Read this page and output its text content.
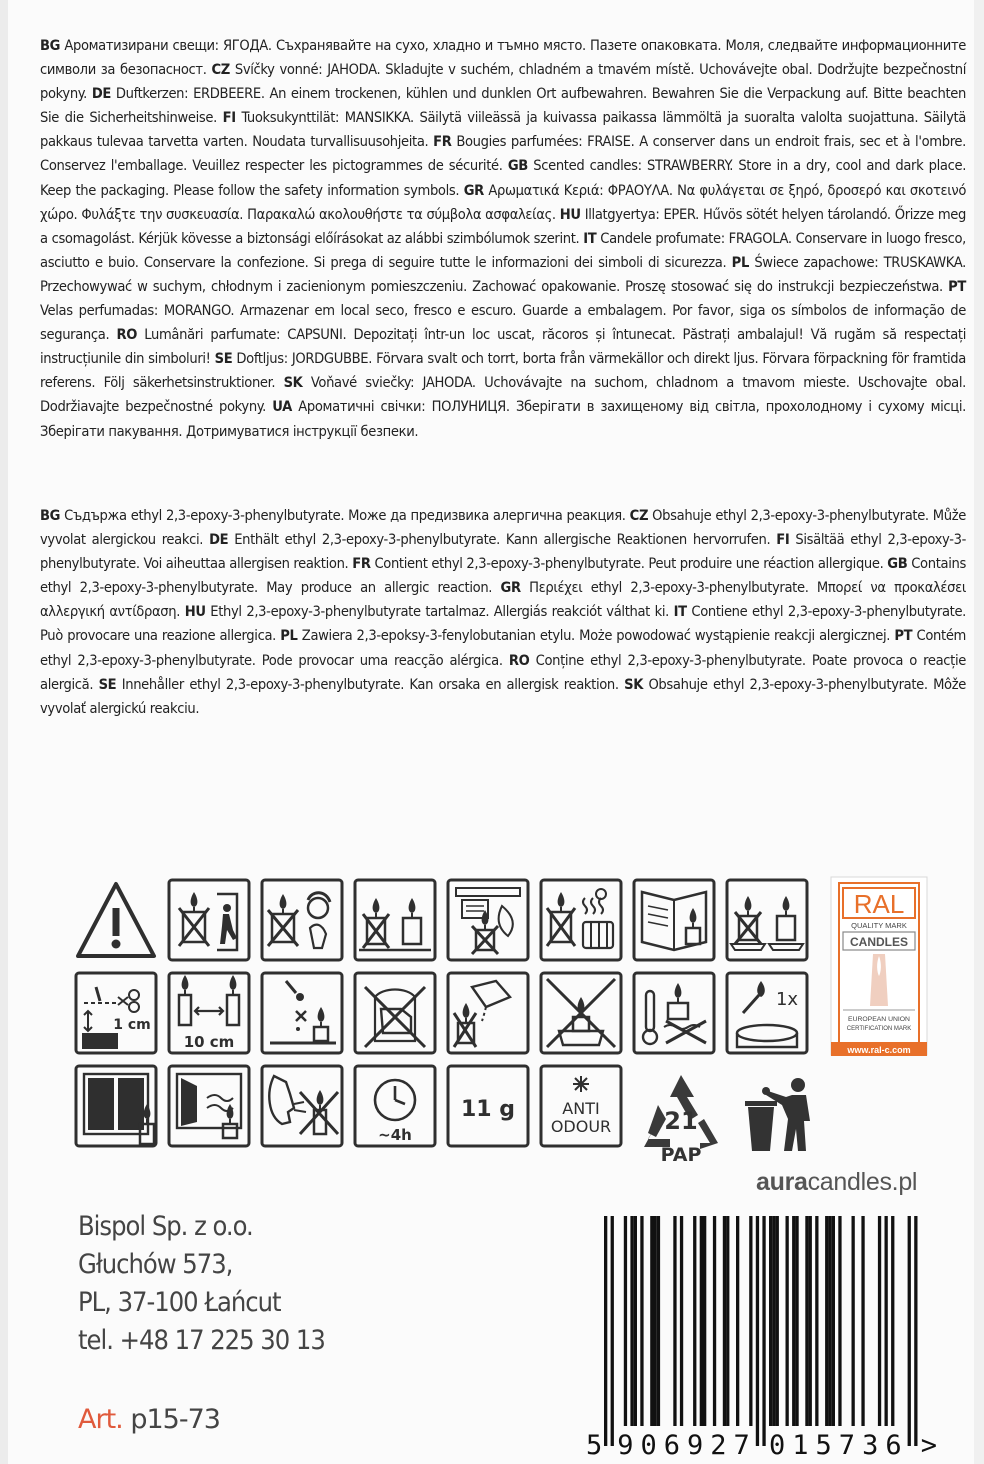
BG Ароматизирани свещи: ЯГОДА. Съхранявайте на сухо, хладно и тъмно място. Пазете опаковката. Моля, следвайте информационните символи за безопасност. CZ Svíčky vonné: JAHODA. Skladujte v suchém, chladném a tmavém místě. Uchovávejte obal. Dodržujte bezpečnostní pokyny. DE Duftkerzen: ERDBEERE. An einem trockenen, kühlen und dunklen Ort aufbewahren. Bewahren Sie die Verpackung auf. Bitte beachten Sie die Sicherheitshinweise. FI Tuoksukynttilät: MANSIKKA. Säilytä viileässä ja kuivassa paikassa lämmöltä ja suoralta valolta suojattuna. Säilytä pakkaus tulevaa tarvetta varten. Noudata turvallisuusohjeita. FR Bougies parfumées: FRAISE. A conserver dans un endroit frais, sec et à l'ombre. Conservez l'emballage. Veuillez respecter les pictogrammes de sécurité. GB Scented candles: STRAWBERRY. Store in a dry, cool and dark place. Keep the packaging. Please follow the safety information symbols. GR Αρωματικά Κεριά: ΦΡΑΟΥΛΑ. Να φυλάγεται σε ξηρό, δροσερό και σκοτεινό χώρο. Φυλάξτε την συσκευασία. Παρακαλώ ακολουθήστε τα σύμβολα ασφαλείας. HU Illatgyertya: EPER. Hűvös sötét helyen tárolandó. Őrizze meg a csomagolást. Kérjük kövesse a biztonsági előírásokat az alábbi szimbólumok szerint. IT Candele profumate: FRAGOLA. Conservare in luogo fresco, asciutto e buio. Conservare la confezione. Si prega di seguire tutte le informazioni dei simboli di sicurezza. PL Świece zapachowe: TRUSKAWKA. Przechowywać w suchym, chłodnym i zacienionym pomieszczeniu. Zachować opakowanie. Proszę stosować się do instrukcji bezpieczeństwa. PT Velas perfumadas: MORANGO. Armazenar em local seco, fresco e escuro. Guarde a embalagem. Por favor, siga os símbolos de informação de segurança. RO Lumânări parfumate: CAPSUNI. Depozitați într-un loc uscat, răcoros și întunecat. Păstrați ambalajul! Vă rugăm să respectați instrucțiunile din simboluri! SE Doftljus: JORDGUBBE. Förvara svalt och torrt, borta från värmekällor och direkt ljus. Förvara förpackning för framtida referens. Följ säkerhetsinstruktioner. SK Voňavé sviečky: JAHODA. Uchovávajte na suchom, chladnom a tmavom mieste. Uschovajte obal. Dodržiavajte bezpečnostné pokyny. UA Ароматичні свічки: ПОЛУНИЦЯ. Зберігати в захищеному від світла, прохолодному і сухому місці. Зберігати пакування. Дотримуватися інструкції безпеки.
BG Съдържа ethyl 2,3-epoxy-3-phenylbutyrate. Може да предизвика алергична реакция. CZ Obsahuje ethyl 2,3-epoxy-3-phenylbutyrate. Může vyvolat alergickou reakci. DE Enthält ethyl 2,3-epoxy-3-phenylbutyrate. Kann allergische Reaktionen hervorrufen. FI Sisältää ethyl 2,3-epoxy-3-phenylbutyrate. Voi aiheuttaa allergisen reaktion. FR Contient ethyl 2,3-epoxy-3-phenylbutyrate. Peut produire une réaction allergique. GB Contains ethyl 2,3-epoxy-3-phenylbutyrate. May produce an allergic reaction. GR Περιέχει ethyl 2,3-epoxy-3-phenylbutyrate. Μπορεί να προκαλέσει αλλεργική αντίδραση. HU Ethyl 2,3-epoxy-3-phenylbutyrate tartalmaz. Allergiás reakciót válthat ki. IT Contiene ethyl 2,3-epoxy-3-phenylbutyrate. Può provocare una reazione allergica. PL Zawiera 2,3-epoksy-3-fenylobutanian etylu. Może powodować wystąpienie reakcji alergicznej. PT Contém ethyl 2,3-epoxy-3-phenylbutyrate. Pode provocar uma reacção alérgica. RO Conține ethyl 2,3-epoxy-3-phenylbutyrate. Poate provoca o reacție alergică. SE Innehåller ethyl 2,3-epoxy-3-phenylbutyrate. Kan orsaka en allergisk reaktion. SK Obsahuje ethyl 2,3-epoxy-3-phenylbutyrate. Môže vyvolať alergickú reakciu.
1 cm
10 cm
1x
~4h
11 g	ANTI
ODOUR
RAL
QUALITY MARK
CANDLES
EUROPEAN UNION
CERTIFICATION MARK
www.ral-c.com
21
PAP
auracandles.pl
Bispol Sp. z o.o.
Głuchów 573,
PL, 37-100 Łańcut
tel. +48 17 225 30 13
Art. p15-73
5 906927 015736 >
